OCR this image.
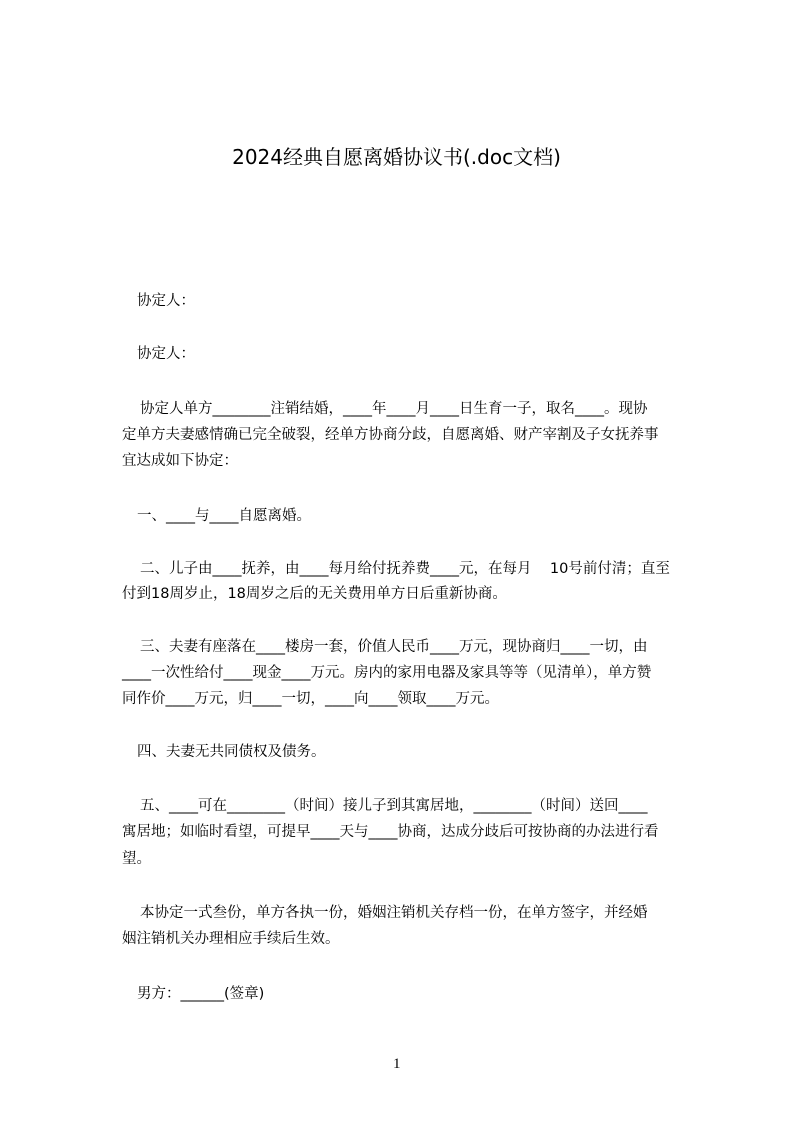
2024经典自愿离婚协议书(.doc文档)
协定人：
协定人：
协定人单方________注销结婚，____年____月____日生育一子，取名____。现协
定单方夫妻感情确已完全破裂，经单方协商分歧，自愿离婚、财产宰割及子女抚养事
宜达成如下协定：
一、____与____自愿离婚。
二、儿子由____抚养，由____每月给付抚养费____元，在每月    10号前付清；直至
付到18周岁止，18周岁之后的无关费用单方日后重新协商。
三、夫妻有座落在____楼房一套，价值人民币____万元，现协商归____一切，由
____一次性给付____现金____万元。房内的家用电器及家具等等（见清单），单方赞
同作价____万元，归____一切，____向____领取____万元。
四、夫妻无共同债权及债务。
五、____可在________（时间）接儿子到其寓居地，________（时间）送回____
寓居地；如临时看望，可提早____天与____协商，达成分歧后可按协商的办法进行看
望。
本协定一式叁份，单方各执一份，婚姻注销机关存档一份，在单方签字，并经婚
姻注销机关办理相应手续后生效。
男方：______(签章)
1
